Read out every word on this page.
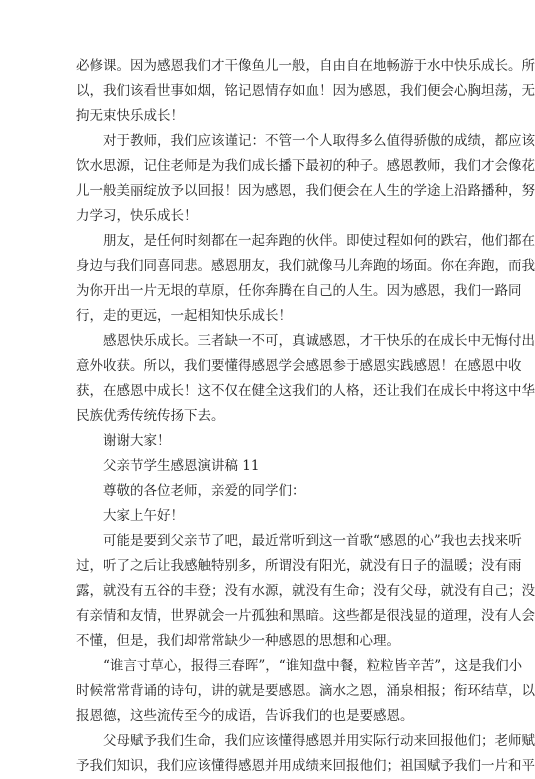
必修课。因为感恩我们才干像鱼儿一般，自由自在地畅游于水中快乐成长。所
以，我们该看世事如烟，铭记恩情存如血！因为感恩，我们便会心胸坦荡，无
拘无束快乐成长！
对于教师，我们应该谨记：不管一个人取得多么值得骄傲的成绩，都应该
饮水思源，记住老师是为我们成长播下最初的种子。感恩教师，我们才会像花
儿一般美丽绽放予以回报！因为感恩，我们便会在人生的学途上沿路播种，努
力学习，快乐成长！
朋友，是任何时刻都在一起奔跑的伙伴。即使过程如何的跌宕，他们都在
身边与我们同喜同悲。感恩朋友，我们就像马儿奔跑的场面。你在奔跑，而我
为你开出一片无垠的草原，任你奔腾在自己的人生。因为感恩，我们一路同
行，走的更远，一起相知快乐成长！
感恩快乐成长。三者缺一不可，真诚感恩，才干快乐的在成长中无悔付出
意外收获。所以，我们要懂得感恩学会感恩参于感恩实践感恩！在感恩中收
获，在感恩中成长！这不仅在健全这我们的人格，还让我们在成长中将这中华
民族优秀传统传扬下去。
谢谢大家！
父亲节学生感恩演讲稿 11
尊敬的各位老师，亲爱的同学们：
大家上午好！
可能是要到父亲节了吧，最近常听到这一首歌“感恩的心”我也去找来听
过，听了之后让我感触特别多，所谓没有阳光，就没有日子的温暖；没有雨
露，就没有五谷的丰登；没有水源，就没有生命；没有父母，就没有自己；没
有亲情和友情，世界就会一片孤独和黑暗。这些都是很浅显的道理，没有人会
不懂，但是，我们却常常缺少一种感恩的思想和心理。
“谁言寸草心，报得三春晖”，“谁知盘中餐，粒粒皆辛苦”，这是我们小
时候常常背诵的诗句，讲的就是要感恩。滴水之恩，涌泉相报；衔环结草，以
报恩德，这些流传至今的成语，告诉我们的也是要感恩。
父母赋予我们生命，我们应该懂得感恩并用实际行动来回报他们；老师赋
予我们知识，我们应该懂得感恩并用成绩来回报他们；祖国赋予我们一片和平
